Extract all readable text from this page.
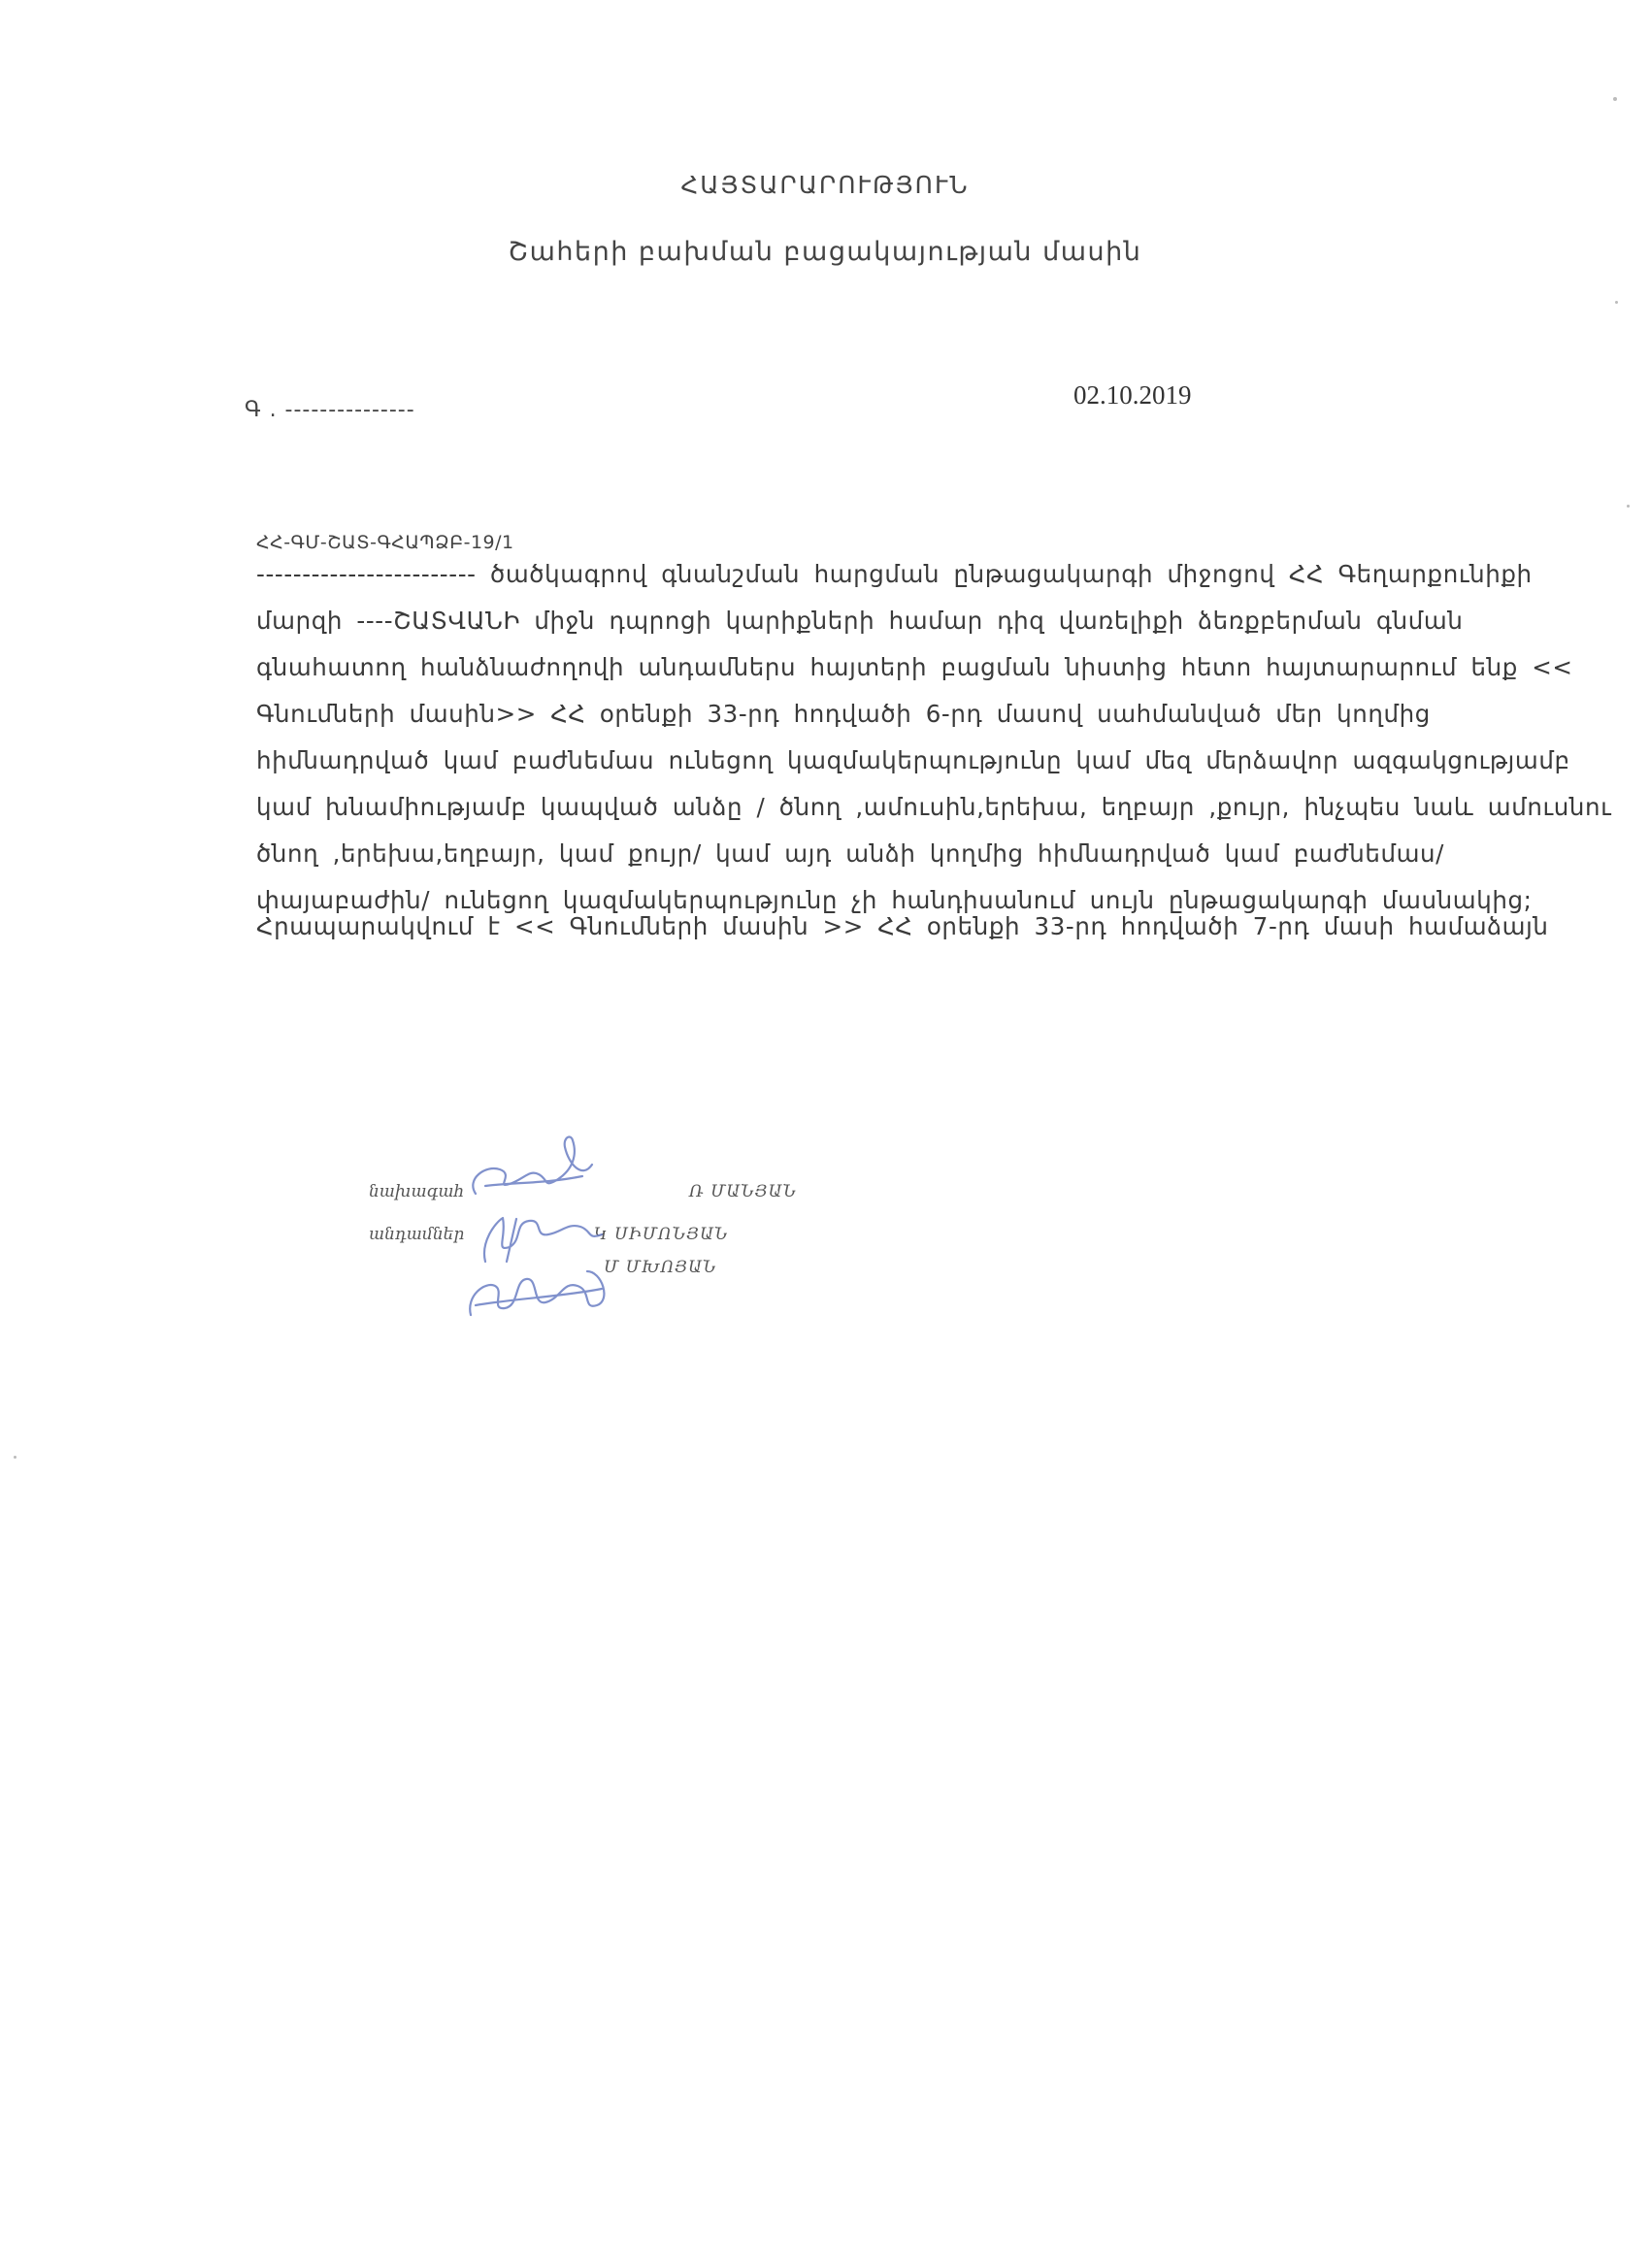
ՀԱՅՏԱՐԱՐՈՒԹՅՈՒՆ
Շահերի բախման բացակայության մասին
Գ . ---------------
02.10.2019
ՀՀ-ԳՄ-ՇԱՏ-ԳՀԱՊՁԲ-19/1
------------------------ ծածկագրով գնանշման հարցման ընթացակարգի միջոցով ՀՀ Գեղարքունիքի
մարզի ----ՇԱՏՎԱՆԻ միջն դպրոցի կարիքների համար դիզ վառելիքի ձեռքբերման գնման
գնահատող հանձնաժողովի անդամներս հայտերի բացման նիստից հետո հայտարարում ենք <<
Գնումների մասին>> ՀՀ օրենքի 33-րդ հոդվածի 6-րդ մասով սահմանված մեր կողմից
հիմնադրված կամ բաժնեմաս ունեցող կազմակերպությունը կամ մեզ մերձավոր ազգակցությամբ
կամ խնամիությամբ կապված անձը / ծնող ,ամուսին,երեխա, եղբայր ,քույր, ինչպես նաև ամուսնու
ծնող ,երեխա,եղբայր, կամ քույր/ կամ այդ անձի կողմից հիմնադրված կամ բաժնեմաս/
փայաբաժին/ ունեցող կազմակերպությունը չի հանդիսանում սույն ընթացակարգի մասնակից;
Հրապարակվում է << Գնումների մասին >> ՀՀ օրենքի 33-րդ հոդվածի 7-րդ մասի համաձայն
նախագահ	Ռ ՄԱՆՅԱՆ
անդամներ	Կ ՍԻՄՈՆՅԱՆ
Մ ՄԽՈՅԱՆ
